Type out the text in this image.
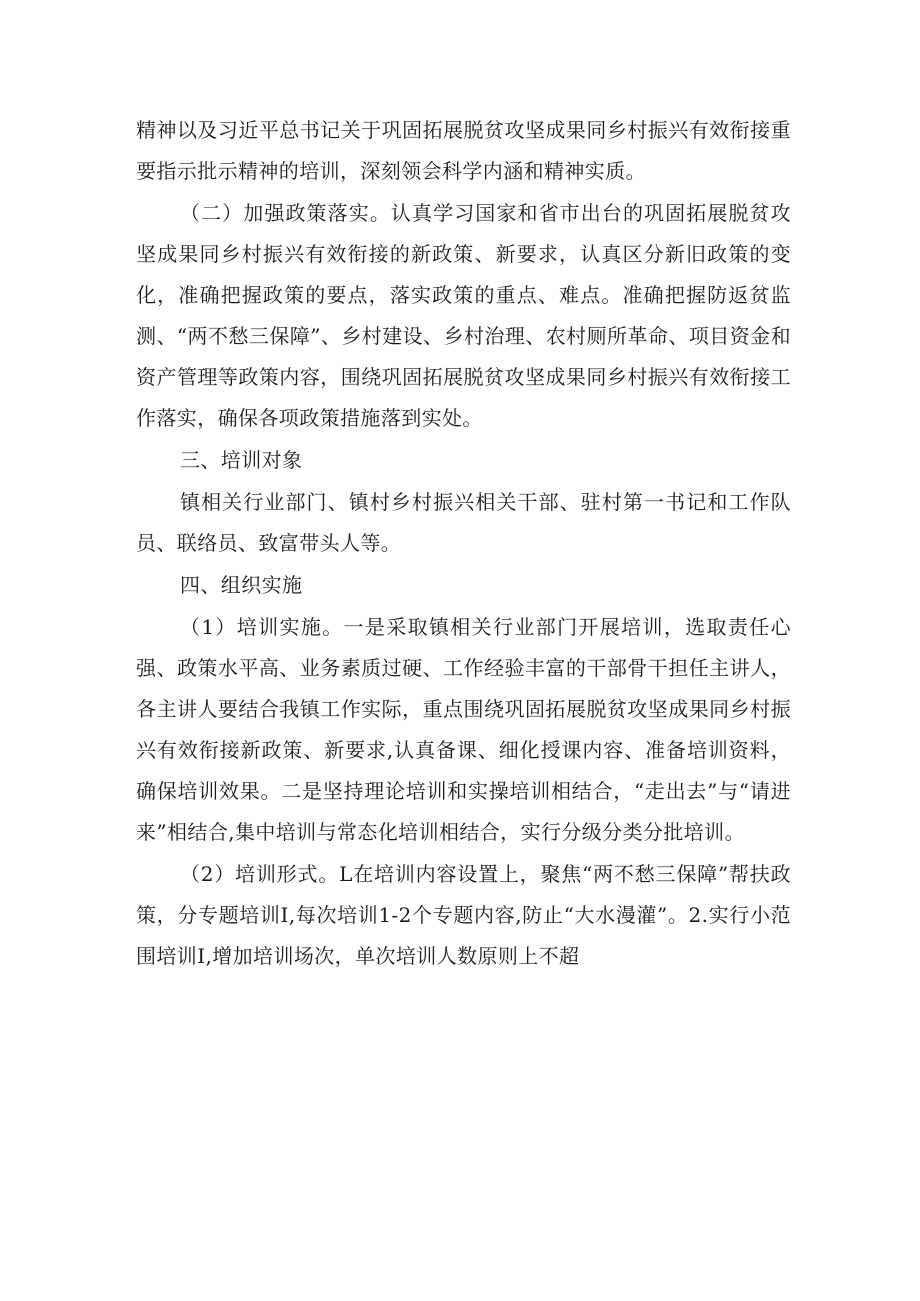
精神以及习近平总书记关于巩固拓展脱贫攻坚成果同乡村振兴有效衔接重要指示批示精神的培训，深刻领会科学内涵和精神实质。

（二）加强政策落实。认真学习国家和省市出台的巩固拓展脱贫攻坚成果同乡村振兴有效衔接的新政策、新要求，认真区分新旧政策的变化，准确把握政策的要点，落实政策的重点、难点。准确把握防返贫监测、“两不愁三保障”、乡村建设、乡村治理、农村厕所革命、项目资金和资产管理等政策内容，围绕巩固拓展脱贫攻坚成果同乡村振兴有效衔接工作落实，确保各项政策措施落到实处。

三、培训对象

镇相关行业部门、镇村乡村振兴相关干部、驻村第一书记和工作队员、联络员、致富带头人等。

四、组织实施

（1）培训实施。一是采取镇相关行业部门开展培训，选取责任心强、政策水平高、业务素质过硬、工作经验丰富的干部骨干担任主讲人，各主讲人要结合我镇工作实际，重点围绕巩固拓展脱贫攻坚成果同乡村振兴有效衔接新政策、新要求,认真备课、细化授课内容、准备培训资料，确保培训效果。二是坚持理论培训和实操培训相结合，“走出去”与“请进来”相结合,集中培训与常态化培训相结合，实行分级分类分批培训。

（2）培训形式。L在培训内容设置上，聚焦“两不愁三保障”帮扶政策，分专题培训I,每次培训1-2个专题内容,防止“大水漫灌”。2.实行小范围培训I,增加培训场次，单次培训人数原则上不超
